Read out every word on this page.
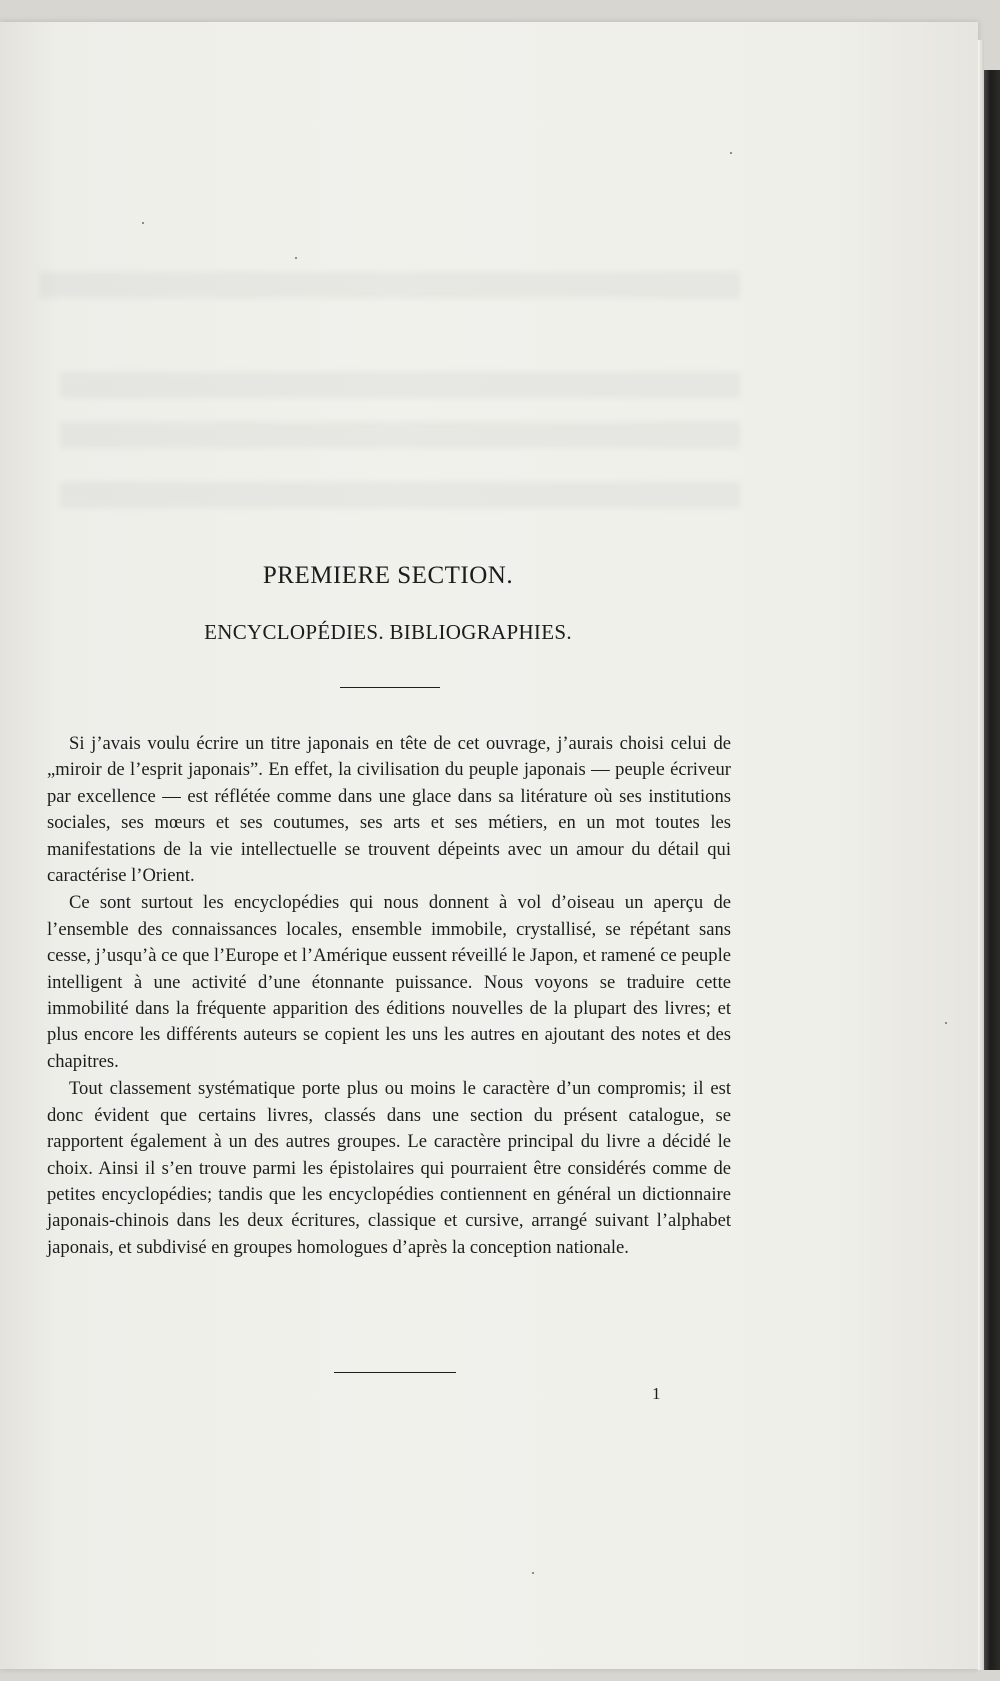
PREMIERE SECTION.
ENCYCLOPÉDIES. BIBLIOGRAPHIES.

Si j’avais voulu écrire un titre japonais en tête de cet ouvrage, j’aurais choisi celui de „miroir de l’esprit japonais”. En effet, la civilisation du peuple japonais — peuple écriveur par excellence — est réflétée comme dans une glace dans sa litérature où ses institutions sociales, ses mœurs et ses coutumes, ses arts et ses métiers, en un mot toutes les manifestations de la vie intellectuelle se trouvent dépeints avec un amour du détail qui caractérise l’Orient.

Ce sont surtout les encyclopédies qui nous donnent à vol d’oiseau un aperçu de l’ensemble des connaissances locales, ensemble immobile, crystallisé, se répétant sans cesse, j’usqu’à ce que l’Europe et l’Amérique eussent réveillé le Japon, et ramené ce peuple intelligent à une activité d’une étonnante puissance. Nous voyons se traduire cette immobilité dans la fréquente apparition des éditions nouvelles de la plupart des livres; et plus encore les différents auteurs se copient les uns les autres en ajoutant des notes et des chapitres.

Tout classement systématique porte plus ou moins le caractère d’un compromis; il est donc évident que certains livres, classés dans une section du présent catalogue, se rapportent également à un des autres groupes. Le caractère principal du livre a décidé le choix. Ainsi il s’en trouve parmi les épistolaires qui pourraient être considérés comme de petites encyclopédies; tandis que les encyclopédies contiennent en général un dictionnaire japonais-chinois dans les deux écritures, classique et cursive, arrangé suivant l’alphabet japonais, et subdivisé en groupes homologues d’après la conception nationale.

1
